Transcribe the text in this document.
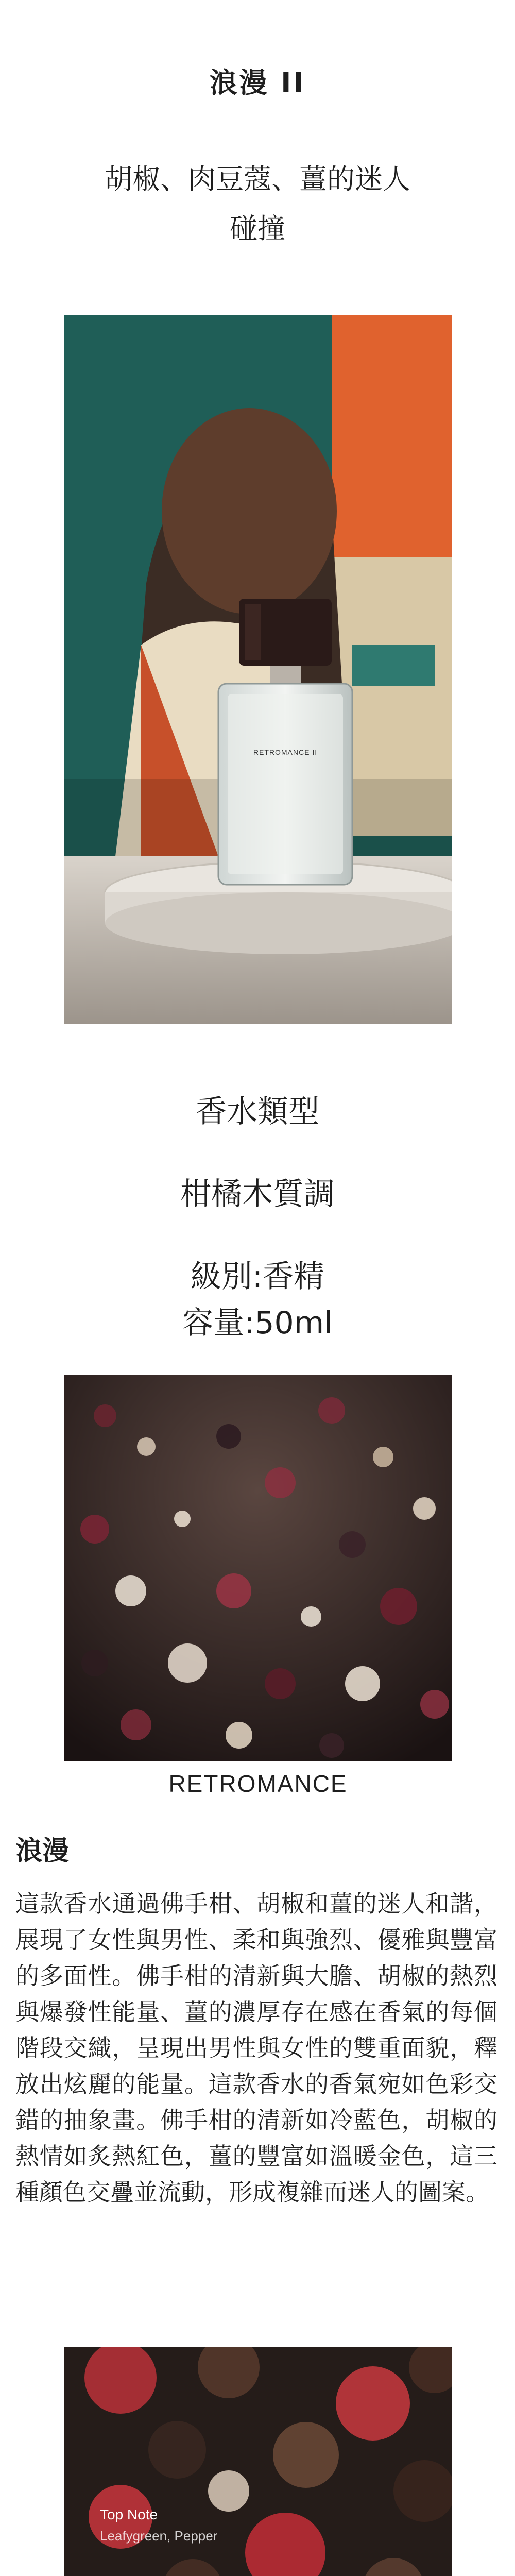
浪漫 II
胡椒、肉豆蔻、薑的迷人
碰撞
RETROMANCE II
香水類型
柑橘木質調
級別:香精
容量:50ml
RETROMANCE
浪漫
這款香水通過佛手柑、胡椒和薑的迷人和諧，展現了女性與男性、柔和與強烈、優雅與豐富的多面性。佛手柑的清新與大膽、胡椒的熱烈與爆發性能量、薑的濃厚存在感在香氣的每個階段交織，呈現出男性與女性的雙重面貌，釋放出炫麗的能量。這款香水的香氣宛如色彩交錯的抽象畫。佛手柑的清新如冷藍色，胡椒的熱情如炙熱紅色，薑的豐富如溫暖金色，這三種顏色交疊並流動，形成複雜而迷人的圖案。
Top Note
Leafygreen, Pepper
